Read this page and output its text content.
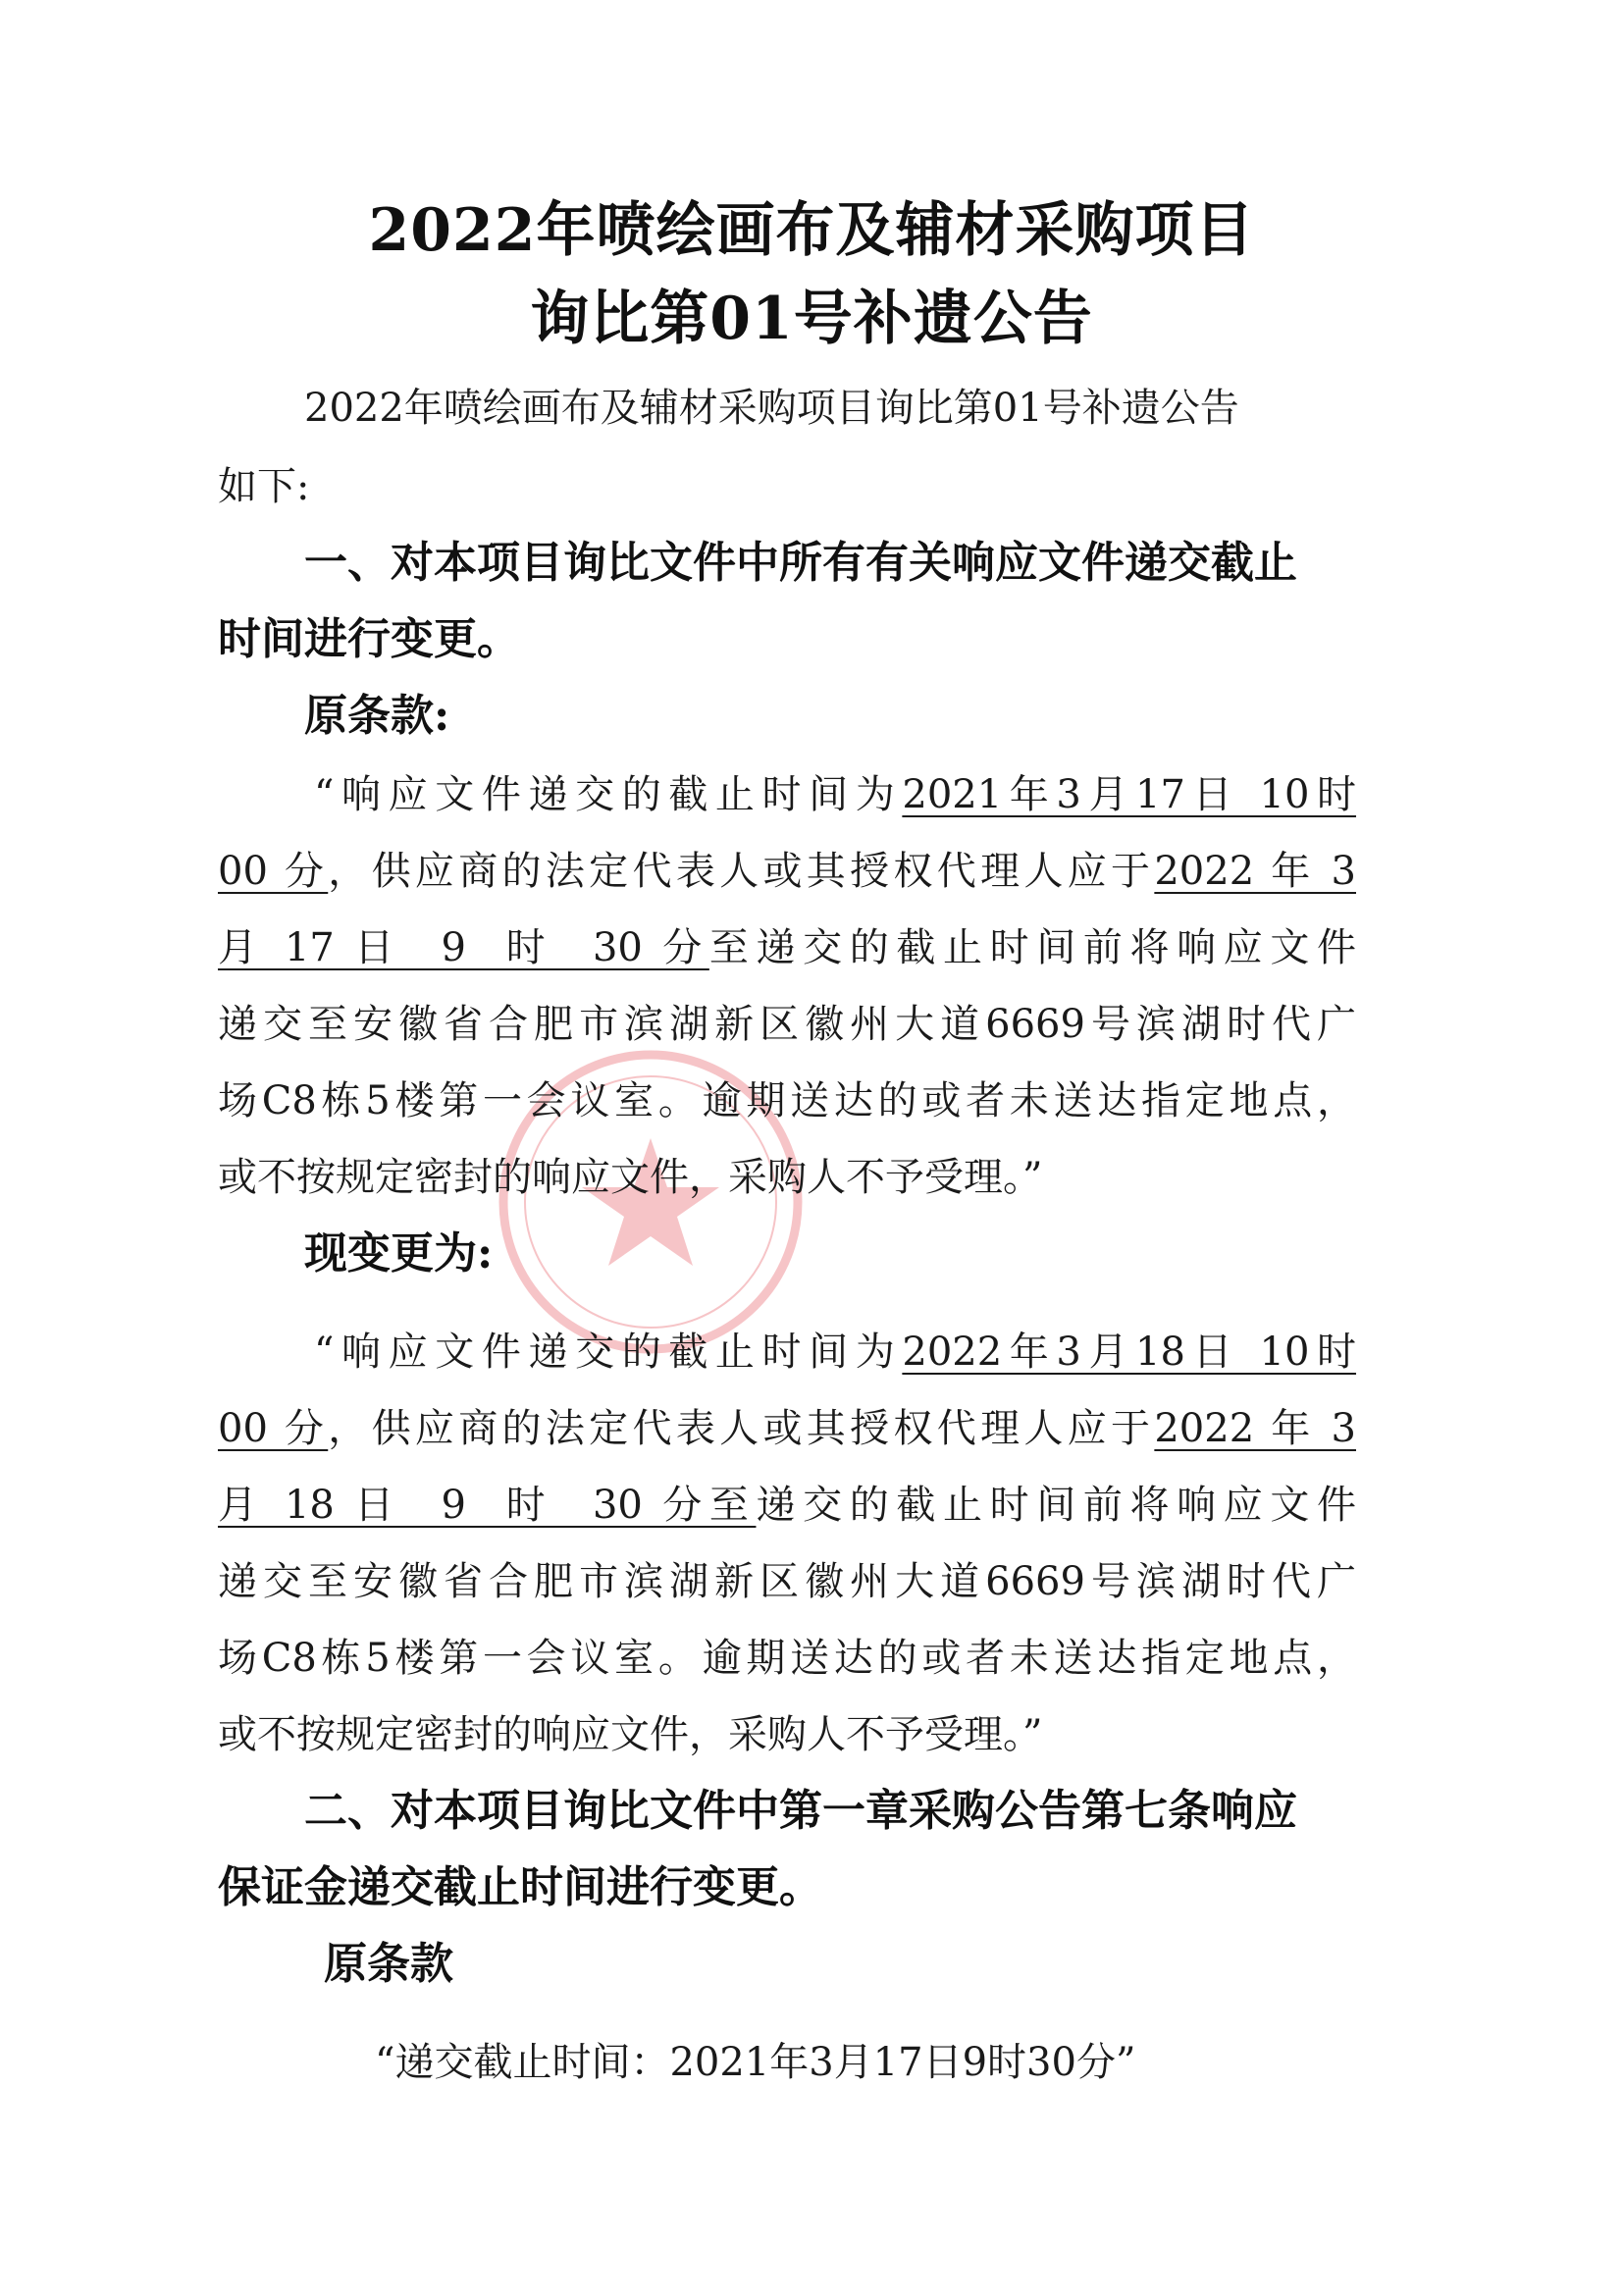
2022年喷绘画布及辅材采购项目
询比第01号补遗公告
2022年喷绘画布及辅材采购项目询比第01号补遗公告
如下:
一、对本项目询比文件中所有有关响应文件递交截止
时间进行变更。
原条款:
“响应文件递交的截止时间为2021年3月17日 10时
00 分，供应商的法定代表人或其授权代理人应于2022 年 3
月 17 日  9  时  30 分至递交的截止时间前将响应文件
递交至安徽省合肥市滨湖新区徽州大道6669号滨湖时代广
场C8栋5楼第一会议室。逾期送达的或者未送达指定地点，
或不按规定密封的响应文件，采购人不予受理。”
现变更为:
“响应文件递交的截止时间为2022年3月18日 10时
00 分，供应商的法定代表人或其授权代理人应于2022 年 3
月 18 日  9  时  30 分至递交的截止时间前将响应文件
递交至安徽省合肥市滨湖新区徽州大道6669号滨湖时代广
场C8栋5楼第一会议室。逾期送达的或者未送达指定地点，
或不按规定密封的响应文件，采购人不予受理。”
二、对本项目询比文件中第一章采购公告第七条响应
保证金递交截止时间进行变更。
原条款
“递交截止时间：2021年3月17日9时30分”
